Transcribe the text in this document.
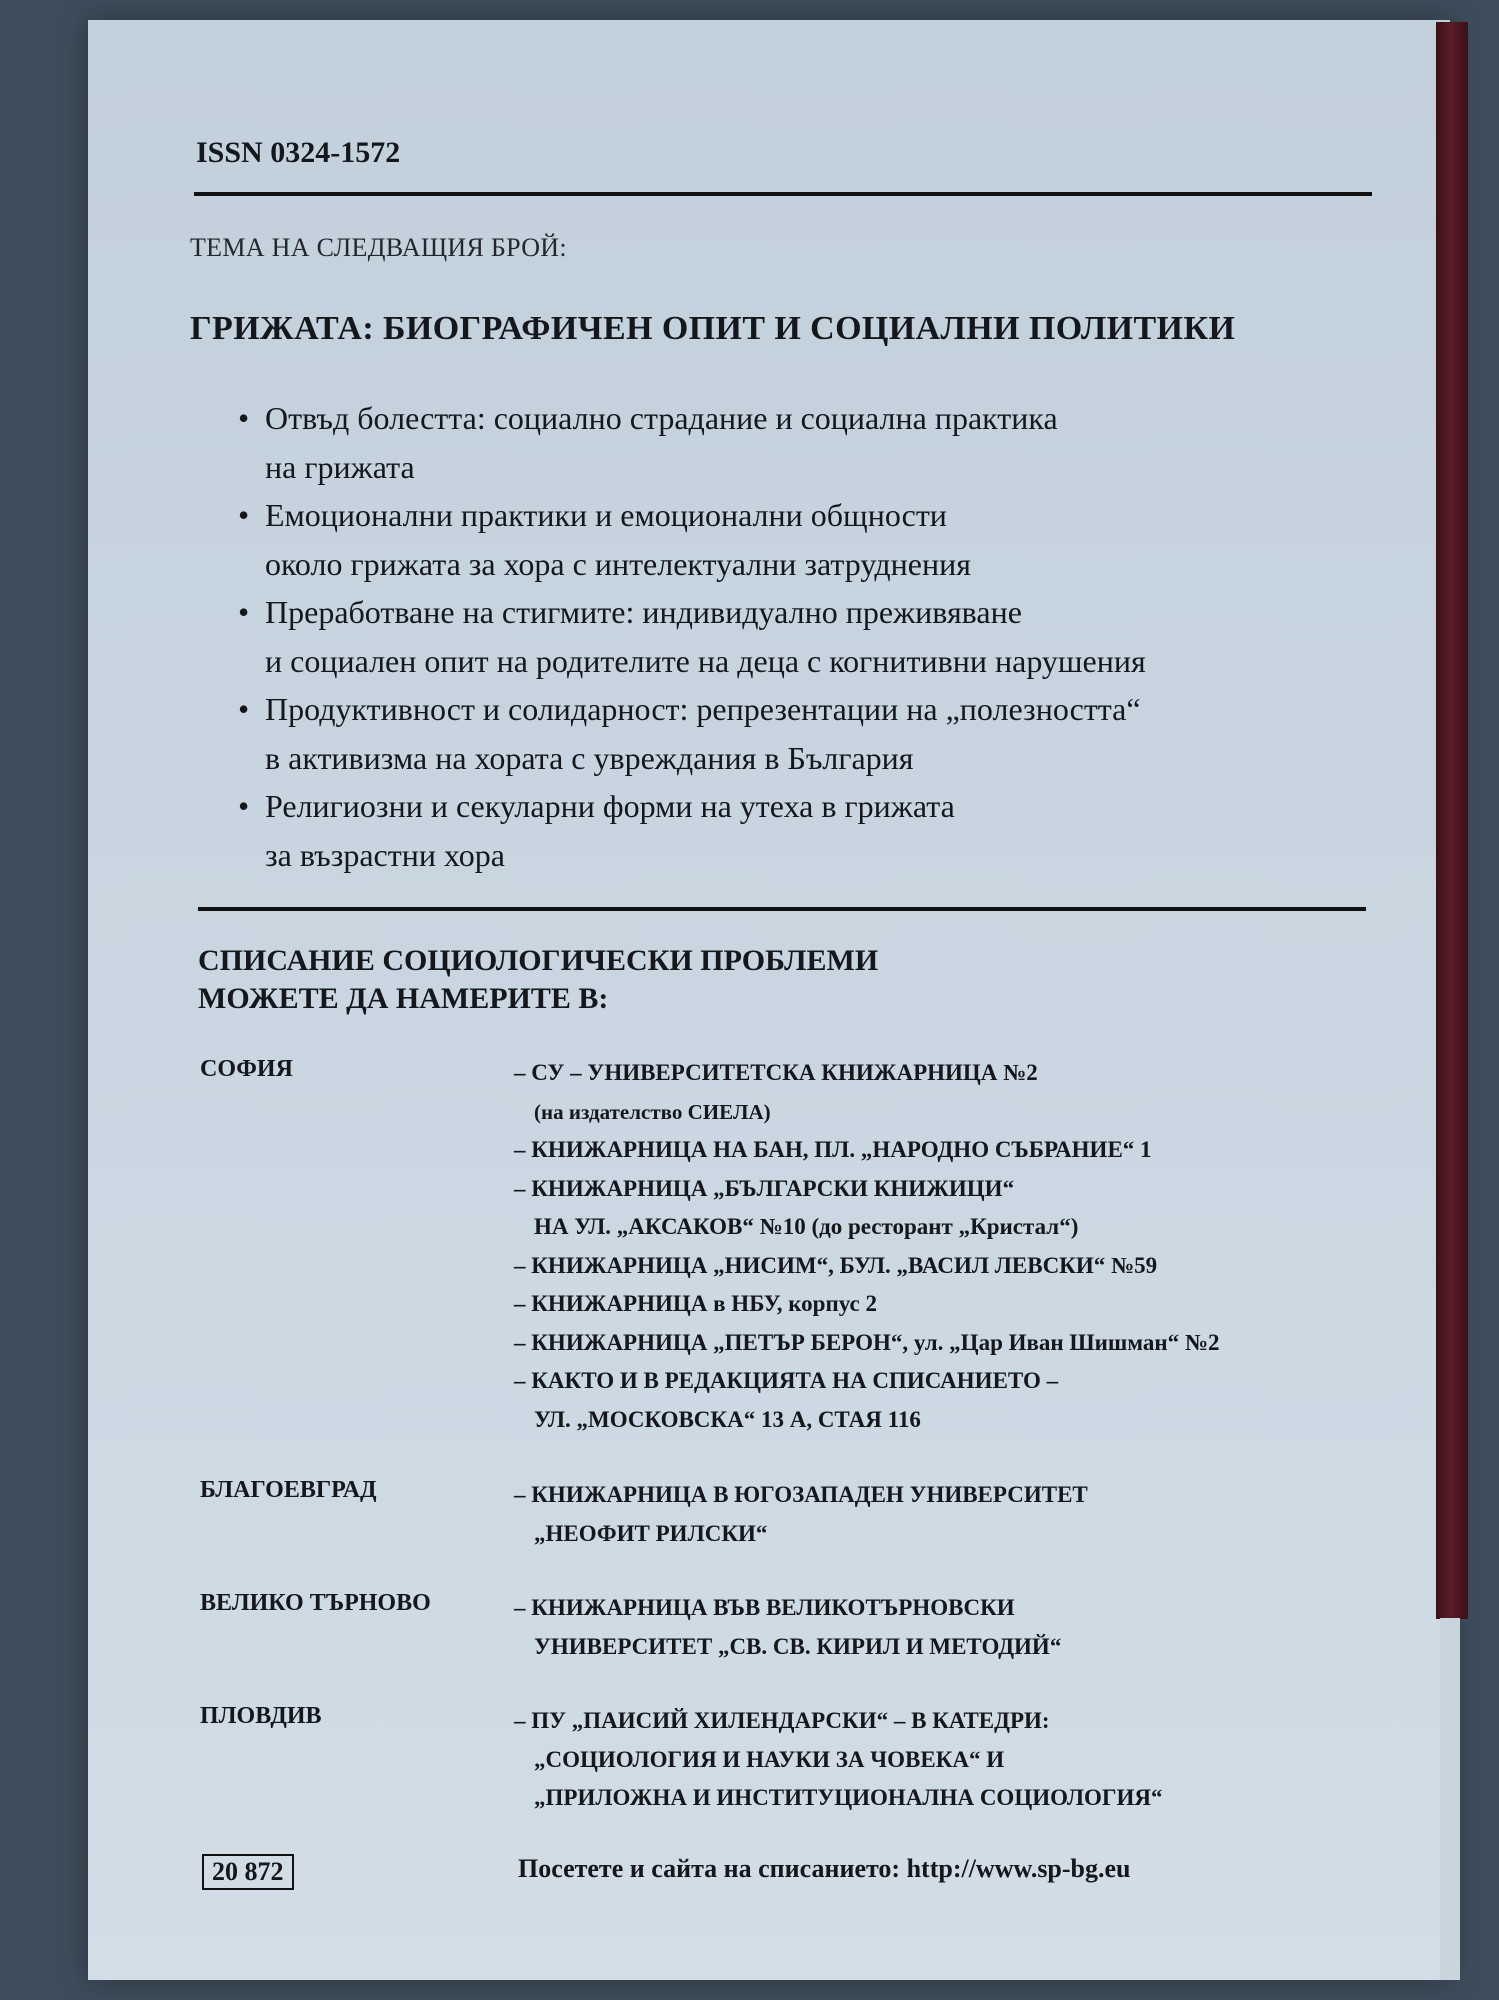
ISSN 0324-1572
ТЕМА НА СЛЕДВАЩИЯ БРОЙ:
ГРИЖАТА: БИОГРАФИЧЕН ОПИТ И СОЦИАЛНИ ПОЛИТИКИ
• Отвъд болестта: социално страдание и социална практика
на грижата
• Емоционални практики и емоционални общности
около грижата за хора с интелектуални затруднения
• Преработване на стигмите: индивидуално преживяване
и социален опит на родителите на деца с когнитивни нарушения
• Продуктивност и солидарност: репрезентации на „полезността“
в активизма на хората с увреждания в България
• Религиозни и секуларни форми на утеха в грижата
за възрастни хора
СПИСАНИЕ СОЦИОЛОГИЧЕСКИ ПРОБЛЕМИ
МОЖЕТЕ ДА НАМЕРИТЕ В:
СОФИЯ	– СУ – УНИВЕРСИТЕТСКА КНИЖАРНИЦА №2
(на издателство СИЕЛА)
– КНИЖАРНИЦА НА БАН, ПЛ. „НАРОДНО СЪБРАНИЕ“ 1
– КНИЖАРНИЦА „БЪЛГАРСКИ КНИЖИЦИ“
НА УЛ. „АКСАКОВ“ №10 (до ресторант „Кристал“)
– КНИЖАРНИЦА „НИСИМ“, БУЛ. „ВАСИЛ ЛЕВСКИ“ №59
– КНИЖАРНИЦА в НБУ, корпус 2
– КНИЖАРНИЦА „ПЕТЪР БЕРОН“, ул. „Цар Иван Шишман“ №2
– КАКТО И В РЕДАКЦИЯТА НА СПИСАНИЕТО –
УЛ. „МОСКОВСКА“ 13 А, СТАЯ 116
БЛАГОЕВГРАД	– КНИЖАРНИЦА В ЮГОЗАПАДЕН УНИВЕРСИТЕТ
„НЕОФИТ РИЛСКИ“
ВЕЛИКО ТЪРНОВО	– КНИЖАРНИЦА ВЪВ ВЕЛИКОТЪРНОВСКИ
УНИВЕРСИТЕТ „СВ. СВ. КИРИЛ И МЕТОДИЙ“
ПЛОВДИВ	– ПУ „ПАИСИЙ ХИЛЕНДАРСКИ“ – В КАТЕДРИ:
„СОЦИОЛОГИЯ И НАУКИ ЗА ЧОВЕКА“ И
„ПРИЛОЖНА И ИНСТИТУЦИОНАЛНА СОЦИОЛОГИЯ“
20 872	Посетете и сайта на списанието: http://www.sp-bg.eu
